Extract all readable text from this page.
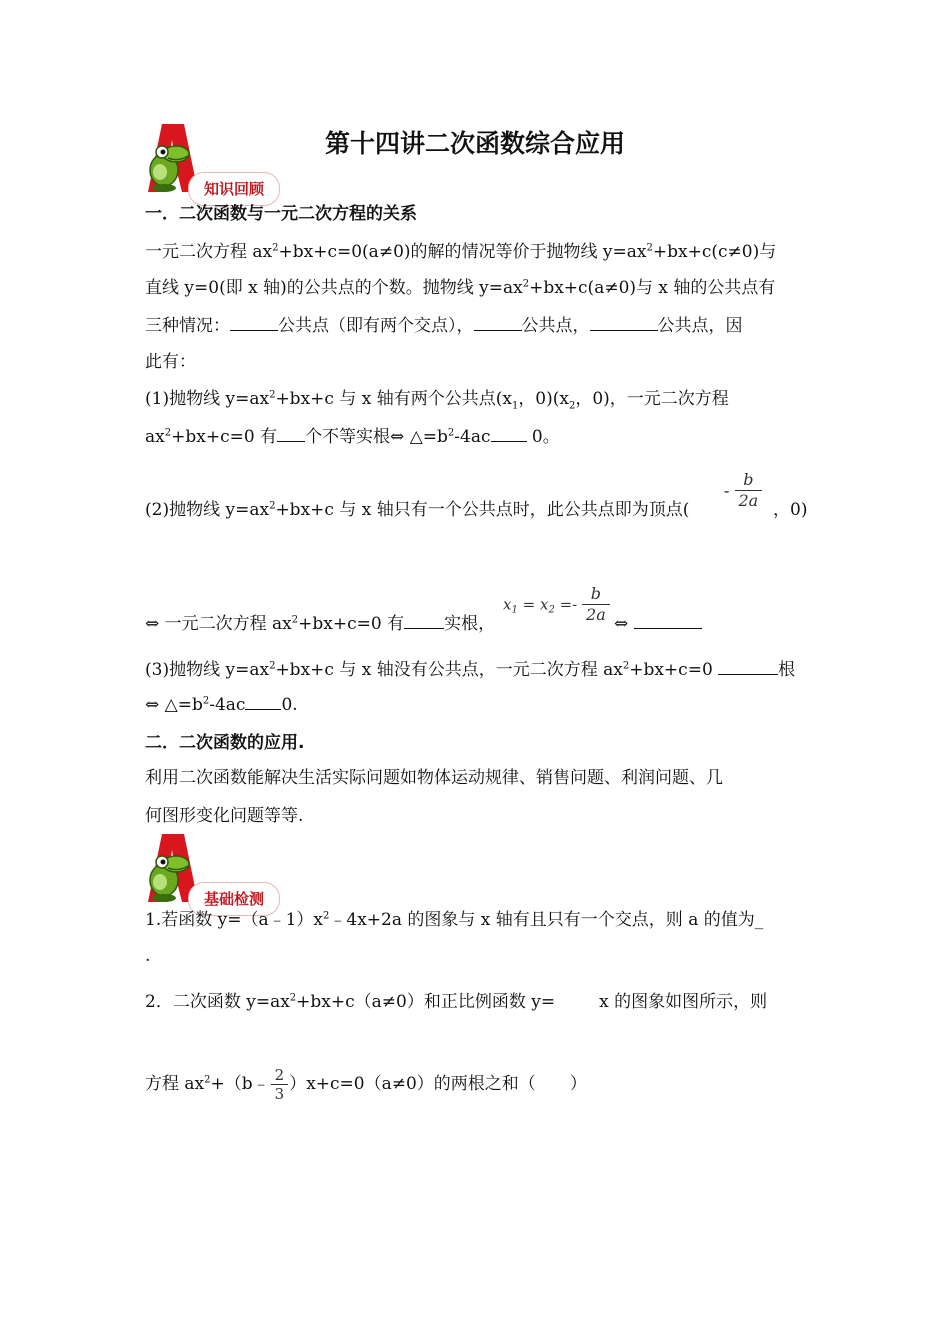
第十四讲二次函数综合应用
知识回顾
一．二次函数与一元二次方程的关系
一元二次方程 $ax^2+bx+c=0(a\ne 0)$的解的情况等价于抛物线 $y=ax^2+bx+c(c\ne 0)$与
直线 y=0(即 x 轴)的公共点的个数。抛物线 $y=ax^2+bx+c(a\ne 0)$与 x 轴的公共点有
三种情况：	公共点（即有两个交点），	公共点，	公共点，因
此有：
(1)抛物线 $y=ax^2+bx+c$ 与 x 轴有两个公共点($x_1$，$0)(x_2$，0)，一元二次方程
$ax^2+bx+c=0$ 有 个不等实根⇔ $\triangle=b^2-4ac$ 0。
(2)抛物线 $y=ax^2+bx+c$ 与 x 轴只有一个公共点时，此公共点即为顶点(
- $\frac{b}{2a}$ ，0)
⇔ 一元二次方程 $ax^2+bx+c=0$ 有 实根，
$x_1 = x_2 =- \frac{b}{2a}$ ⇔
(3)抛物线 $y=ax^2+bx+c$ 与 x 轴没有公共点，一元二次方程 $ax^2+bx+c=0$	根
⇔ $\triangle=b^2-4ac$ 0.
二．二次函数的应用.
利用二次函数能解决生活实际问题如物体运动规律、销售问题、利润问题、几
何图形变化问题等等.
基础检测
1.若函数 $y=(a﹣1)x^2﹣4x+2a$ 的图象与 x 轴有且只有一个交点，则 a 的值为_
.
2．二次函数 $y=ax^2+bx+c(a\ne 0)$和正比例函数 y=	x 的图象如图所示，则
方程 $ax^2+(b﹣ \frac{2}{3} )x+c=0(a\ne 0)$的两根之和（ ）
